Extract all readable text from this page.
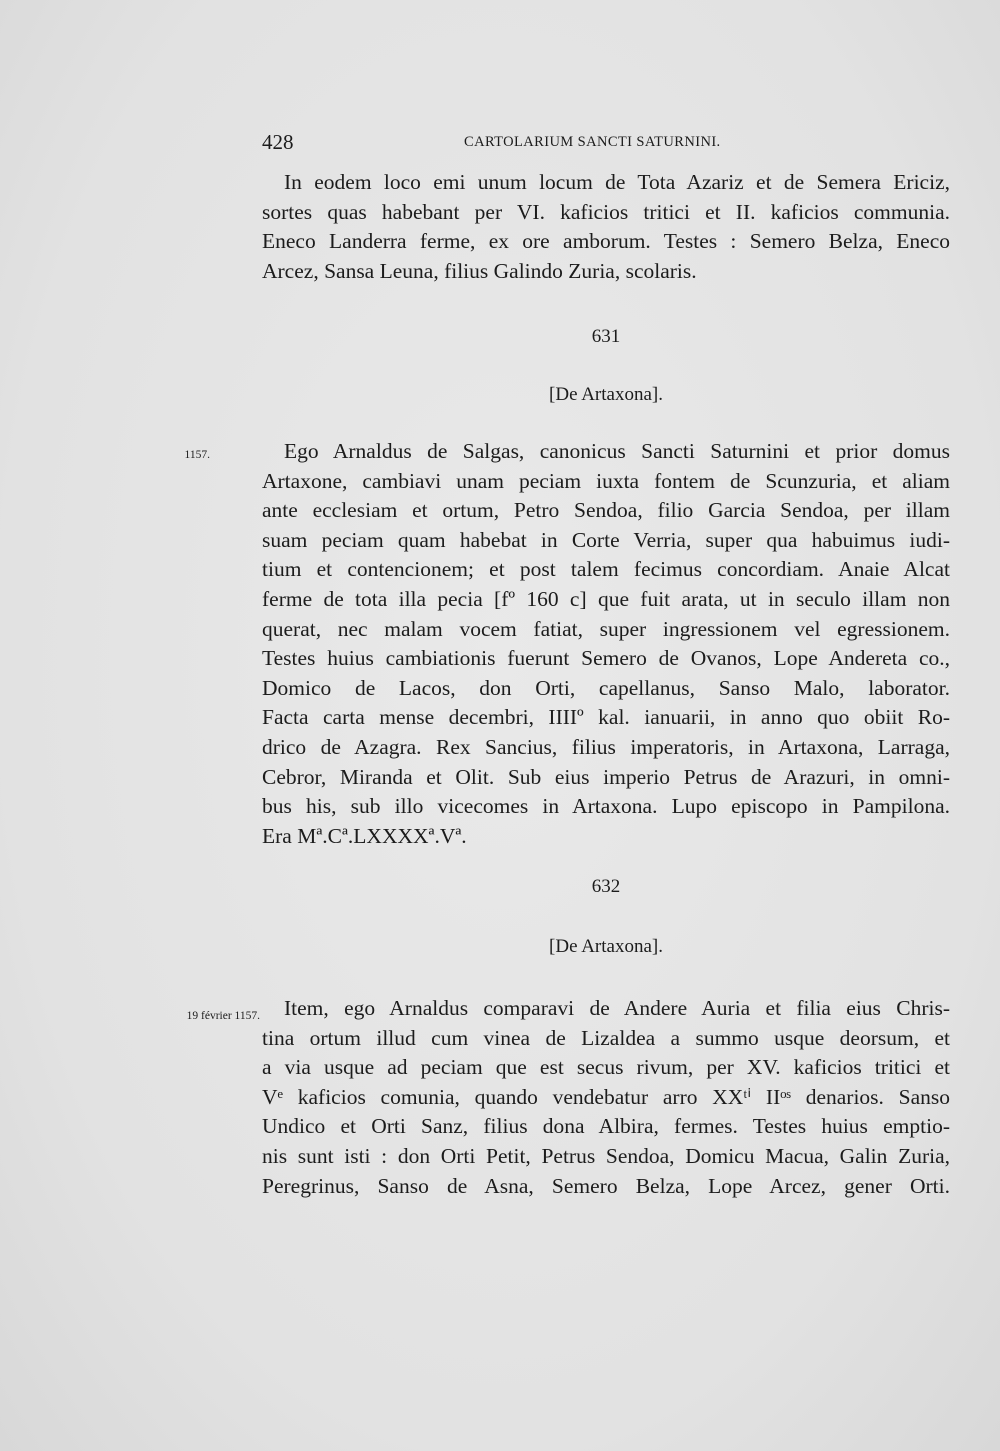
428	CARTOLARIUM SANCTI SATURNINI.
In eodem loco emi unum locum de Tota Azariz et de Semera Ericiz,
sortes quas habebant per VI. kaficios tritici et II. kaficios communia.
Eneco Landerra ferme, ex ore amborum. Testes : Semero Belza, Eneco
Arcez, Sansa Leuna, filius Galindo Zuria, scolaris.
631
[De Artaxona].
1157.	Ego Arnaldus de Salgas, canonicus Sancti Saturnini et prior domus
Artaxone, cambiavi unam peciam iuxta fontem de Scunzuria, et aliam
ante ecclesiam et ortum, Petro Sendoa, filio Garcia Sendoa, per illam
suam peciam quam habebat in Corte Verria, super qua habuimus iudi-
tium et contencionem; et post talem fecimus concordiam. Anaie Alcat
ferme de tota illa pecia [fº 160 c] que fuit arata, ut in seculo illam non
querat, nec malam vocem fatiat, super ingressionem vel egressionem.
Testes huius cambiationis fuerunt Semero de Ovanos, Lope Andereta co.,
Domico de Lacos, don Orti, capellanus, Sanso Malo, laborator.
Facta carta mense decembri, IIIIº kal. ianuarii, in anno quo obiit Ro-
drico de Azagra. Rex Sancius, filius imperatoris, in Artaxona, Larraga,
Cebror, Miranda et Olit. Sub eius imperio Petrus de Arazuri, in omni-
bus his, sub illo vicecomes in Artaxona. Lupo episcopo in Pampilona.
Era Mª.Cª.LXXXXª.Vª.
632
[De Artaxona].
19 février 1157.	Item, ego Arnaldus comparavi de Andere Auria et filia eius Chris-
tina ortum illud cum vinea de Lizaldea a summo usque deorsum, et
a via usque ad peciam que est secus rivum, per XV. kaficios tritici et
Vᵉ kaficios comunia, quando vendebatur arro XXᵗⁱ IIᵒˢ denarios. Sanso
Undico et Orti Sanz, filius dona Albira, fermes. Testes huius emptio-
nis sunt isti : don Orti Petit, Petrus Sendoa, Domicu Macua, Galin Zuria,
Peregrinus, Sanso de Asna, Semero Belza, Lope Arcez, gener Orti.
